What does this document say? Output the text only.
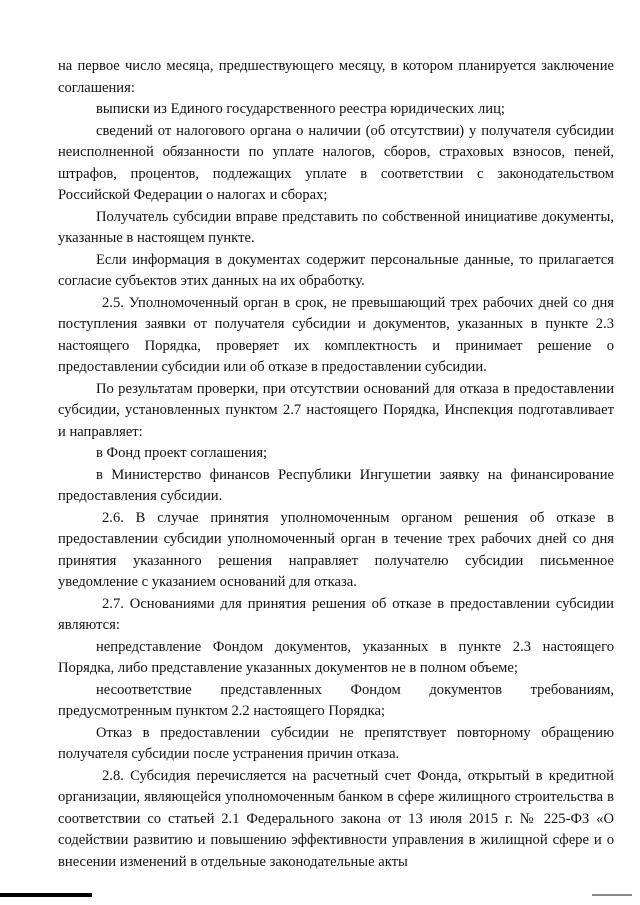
на первое число месяца, предшествующего месяцу, в котором планируется заключение соглашения:

выписки из Единого государственного реестра юридических лиц;

сведений от налогового органа о наличии (об отсутствии) у получателя субсидии неисполненной обязанности по уплате налогов, сборов, страховых взносов, пеней, штрафов, процентов, подлежащих уплате в соответствии с законодательством Российской Федерации о налогах и сборах;

Получатель субсидии вправе представить по собственной инициативе документы, указанные в настоящем пункте.

Если информация в документах содержит персональные данные, то прилагается согласие субъектов этих данных на их обработку.

2.5. Уполномоченный орган в срок, не превышающий трех рабочих дней со дня поступления заявки от получателя субсидии и документов, указанных в пункте 2.3 настоящего Порядка, проверяет их комплектность и принимает решение о предоставлении субсидии или об отказе в предоставлении субсидии.

По результатам проверки, при отсутствии оснований для отказа в предоставлении субсидии, установленных пунктом 2.7 настоящего Порядка, Инспекция подготавливает и направляет:

в Фонд проект соглашения;

в Министерство финансов Республики Ингушетии заявку на финансирование предоставления субсидии.

2.6. В случае принятия уполномоченным органом решения об отказе в предоставлении субсидии уполномоченный орган в течение трех рабочих дней со дня принятия указанного решения направляет получателю субсидии письменное уведомление с указанием оснований для отказа.

2.7. Основаниями для принятия решения об отказе в предоставлении субсидии являются:

непредставление Фондом документов, указанных в пункте 2.3 настоящего Порядка, либо представление указанных документов не в полном объеме;

несоответствие представленных Фондом документов требованиям, предусмотренным пунктом 2.2 настоящего Порядка;

Отказ в предоставлении субсидии не препятствует повторному обращению получателя субсидии после устранения причин отказа.

2.8. Субсидия перечисляется на расчетный счет Фонда, открытый в кредитной организации, являющейся уполномоченным банком в сфере жилищного строительства в соответствии со статьей 2.1 Федерального закона от 13 июля 2015 г. № 225-ФЗ «О содействии развитию и повышению эффективности управления в жилищной сфере и о внесении изменений в отдельные законодательные акты
